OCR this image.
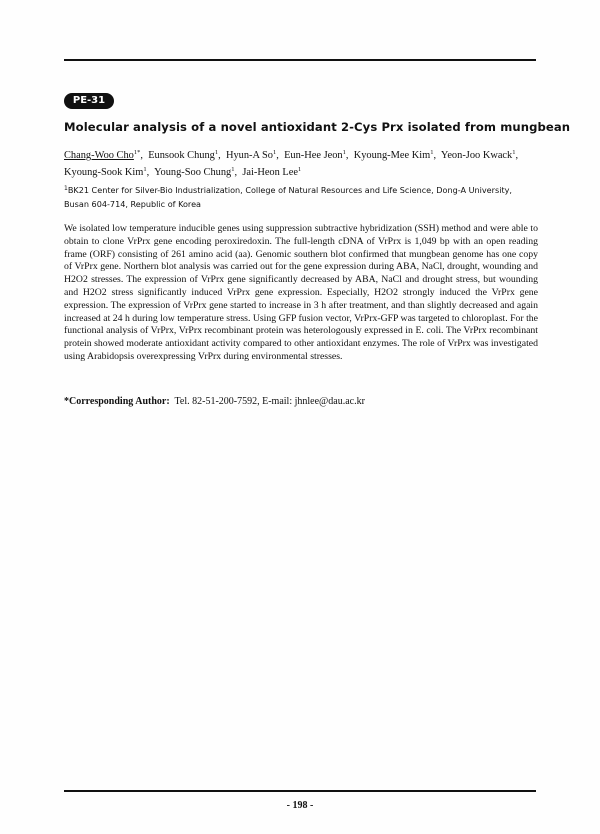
PE-31
Molecular analysis of a novel antioxidant 2-Cys Prx isolated from mungbean
Chang-Woo Cho$^{1*}$,  Eunsook Chung$^1$,  Hyun-A So$^1$,  Eun-Hee Jeon$^1$,  Kyoung-Mee Kim$^1$,  Yeon-Joo Kwack$^1$,  Kyoung-Sook Kim$^1$,  Young-Soo Chung$^1$,  Jai-Heon Lee$^1$
$^1$BK21 Center for Silver-Bio Industrialization, College of Natural Resources and Life Science, Dong-A University, Busan 604-714, Republic of Korea

We isolated low temperature inducible genes using suppression subtractive hybridization (SSH) method and were able to obtain to clone VrPrx gene encoding peroxiredoxin. The full-length cDNA of VrPrx is 1,049 bp with an open reading frame (ORF) consisting of 261 amino acid (aa). Genomic southern blot confirmed that mungbean genome has one copy of VrPrx gene. Northern blot analysis was carried out for the gene expression during ABA, NaCl, drought, wounding and H2O2 stresses. The expression of VrPrx gene significantly decreased by ABA, NaCl and drought stress, but wounding and H2O2 stress significantly induced VrPrx gene expression. Especially, H2O2 strongly induced the VrPrx gene expression. The expression of VrPrx gene started to increase in 3 h after treatment, and than slightly decreased and again increased at 24 h during low temperature stress. Using GFP fusion vector, VrPrx-GFP was targeted to chloroplast. For the functional analysis of VrPrx, VrPrx recombinant protein was heterologously expressed in E. coli. The VrPrx recombinant protein showed moderate antioxidant activity compared to other antioxidant enzymes. The role of VrPrx was investigated using Arabidopsis overexpressing VrPrx during environmental stresses.

*Corresponding Author: Tel. 82-51-200-7592, E-mail: jhnlee@dau.ac.kr
- 198 -
